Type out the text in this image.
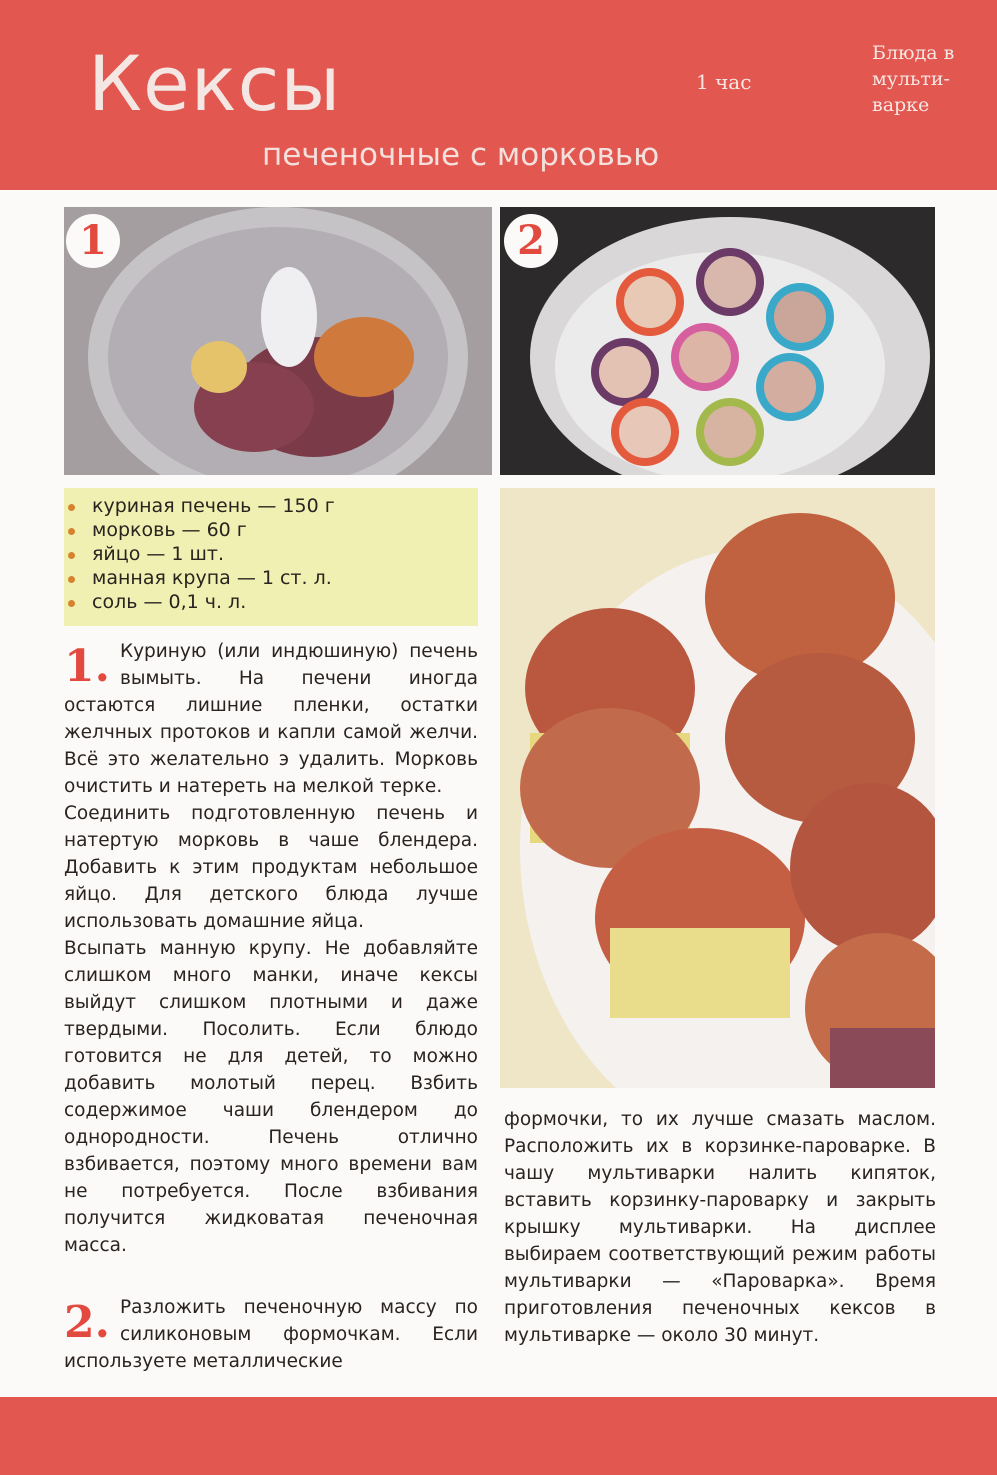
Кексы
печеночные с морковью
1 час
Блюда в
мульти-
варке
1	2
куриная печень — 150 г
морковь — 60 г
яйцо — 1 шт.
манная крупа — 1 ст. л.
соль — 0,1 ч. л.
1. Куриную (или индюшиную) печень вымыть. На печени иногда остаются лишние пленки, остатки желчных протоков и капли самой желчи. Всё это желательно э удалить. Морковь очистить и натереть на мелкой терке.

Соединить подготовленную печень и натертую морковь в чаше блендера. Добавить к этим продуктам небольшое яйцо. Для детского блюда лучше использовать домашние яйца.

Всыпать манную крупу. Не добавляйте слишком много манки, иначе кексы выйдут слишком плотными и даже твердыми. Посолить. Если блюдо готовится не для детей, то можно добавить молотый перец. Взбить содержимое чаши блендером до однородности. Печень отлично взбивается, поэтому много времени вам не потребуется. После взбивания получится жидковатая печеночная масса.

2. Разложить печеночную массу по силиконовым формочкам. Если используете металлические

формочки, то их лучше смазать маслом. Расположить их в корзинке-пароварке. В чашу мультиварки налить кипяток, вставить корзинку-пароварку и закрыть крышку мультиварки. На дисплее выбираем соответствующий режим работы мультиварки — «Пароварка». Время приготовления печеночных кексов в мультиварке — около 30 минут.
